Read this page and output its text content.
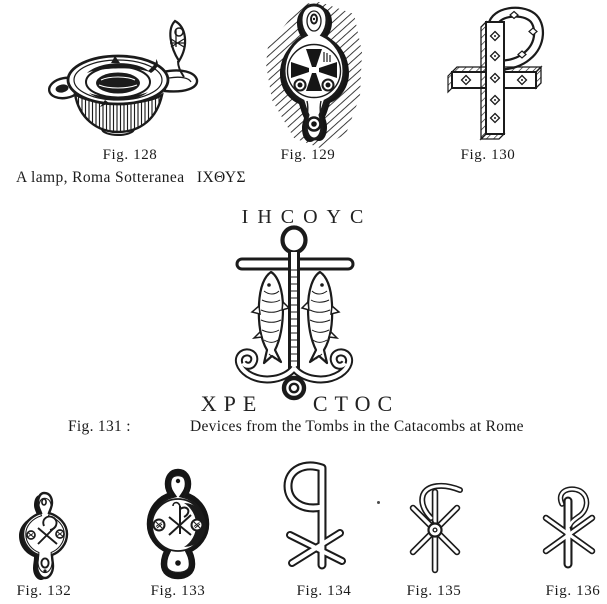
Fig. 128	Fig. 129	Fig. 130
A lamp, Roma Sotteranea  ΙΧΘΥΣ
IHCOYC
XPE CTOC
Fig. 131 :	Devices from the Tombs in the Catacombs at Rome
Fig. 132	Fig. 133	Fig. 134	Fig. 135	Fig. 136
